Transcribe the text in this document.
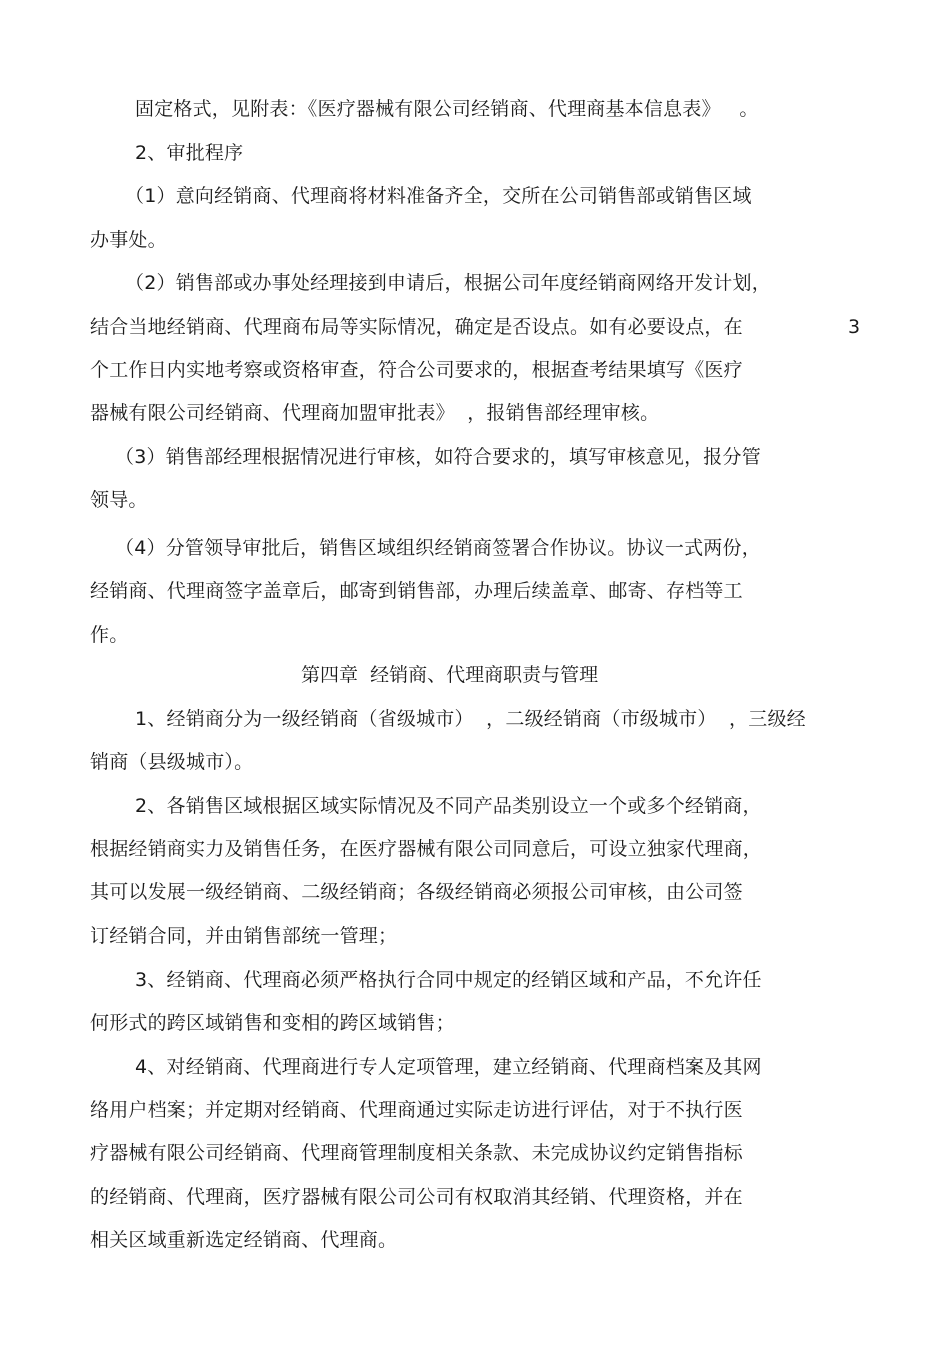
固定格式，见附表：《医疗器械有限公司经销商、代理商基本信息表》   。
2、审批程序
（1）意向经销商、代理商将材料准备齐全，交所在公司销售部或销售区域
办事处。
（2）销售部或办事处经理接到申请后，根据公司年度经销商网络开发计划，
结合当地经销商、代理商布局等实际情况，确定是否设点。如有必要设点，在	3
个工作日内实地考察或资格审查，符合公司要求的，根据查考结果填写《医疗
器械有限公司经销商、代理商加盟审批表》  ，报销售部经理审核。
（3）销售部经理根据情况进行审核，如符合要求的，填写审核意见，报分管
领导。
（4）分管领导审批后，销售区域组织经销商签署合作协议。协议一式两份，
经销商、代理商签字盖章后，邮寄到销售部，办理后续盖章、邮寄、存档等工
作。
第四章  经销商、代理商职责与管理
1、经销商分为一级经销商（省级城市）  ，二级经销商（市级城市）  ，三级经
销商（县级城市）。
2、各销售区域根据区域实际情况及不同产品类别设立一个或多个经销商，
根据经销商实力及销售任务，在医疗器械有限公司同意后，可设立独家代理商，
其可以发展一级经销商、二级经销商；各级经销商必须报公司审核，由公司签
订经销合同，并由销售部统一管理；
3、经销商、代理商必须严格执行合同中规定的经销区域和产品，不允许任
何形式的跨区域销售和变相的跨区域销售；
4、对经销商、代理商进行专人定项管理，建立经销商、代理商档案及其网
络用户档案；并定期对经销商、代理商通过实际走访进行评估，对于不执行医
疗器械有限公司经销商、代理商管理制度相关条款、未完成协议约定销售指标
的经销商、代理商，医疗器械有限公司公司有权取消其经销、代理资格，并在
相关区域重新选定经销商、代理商。
